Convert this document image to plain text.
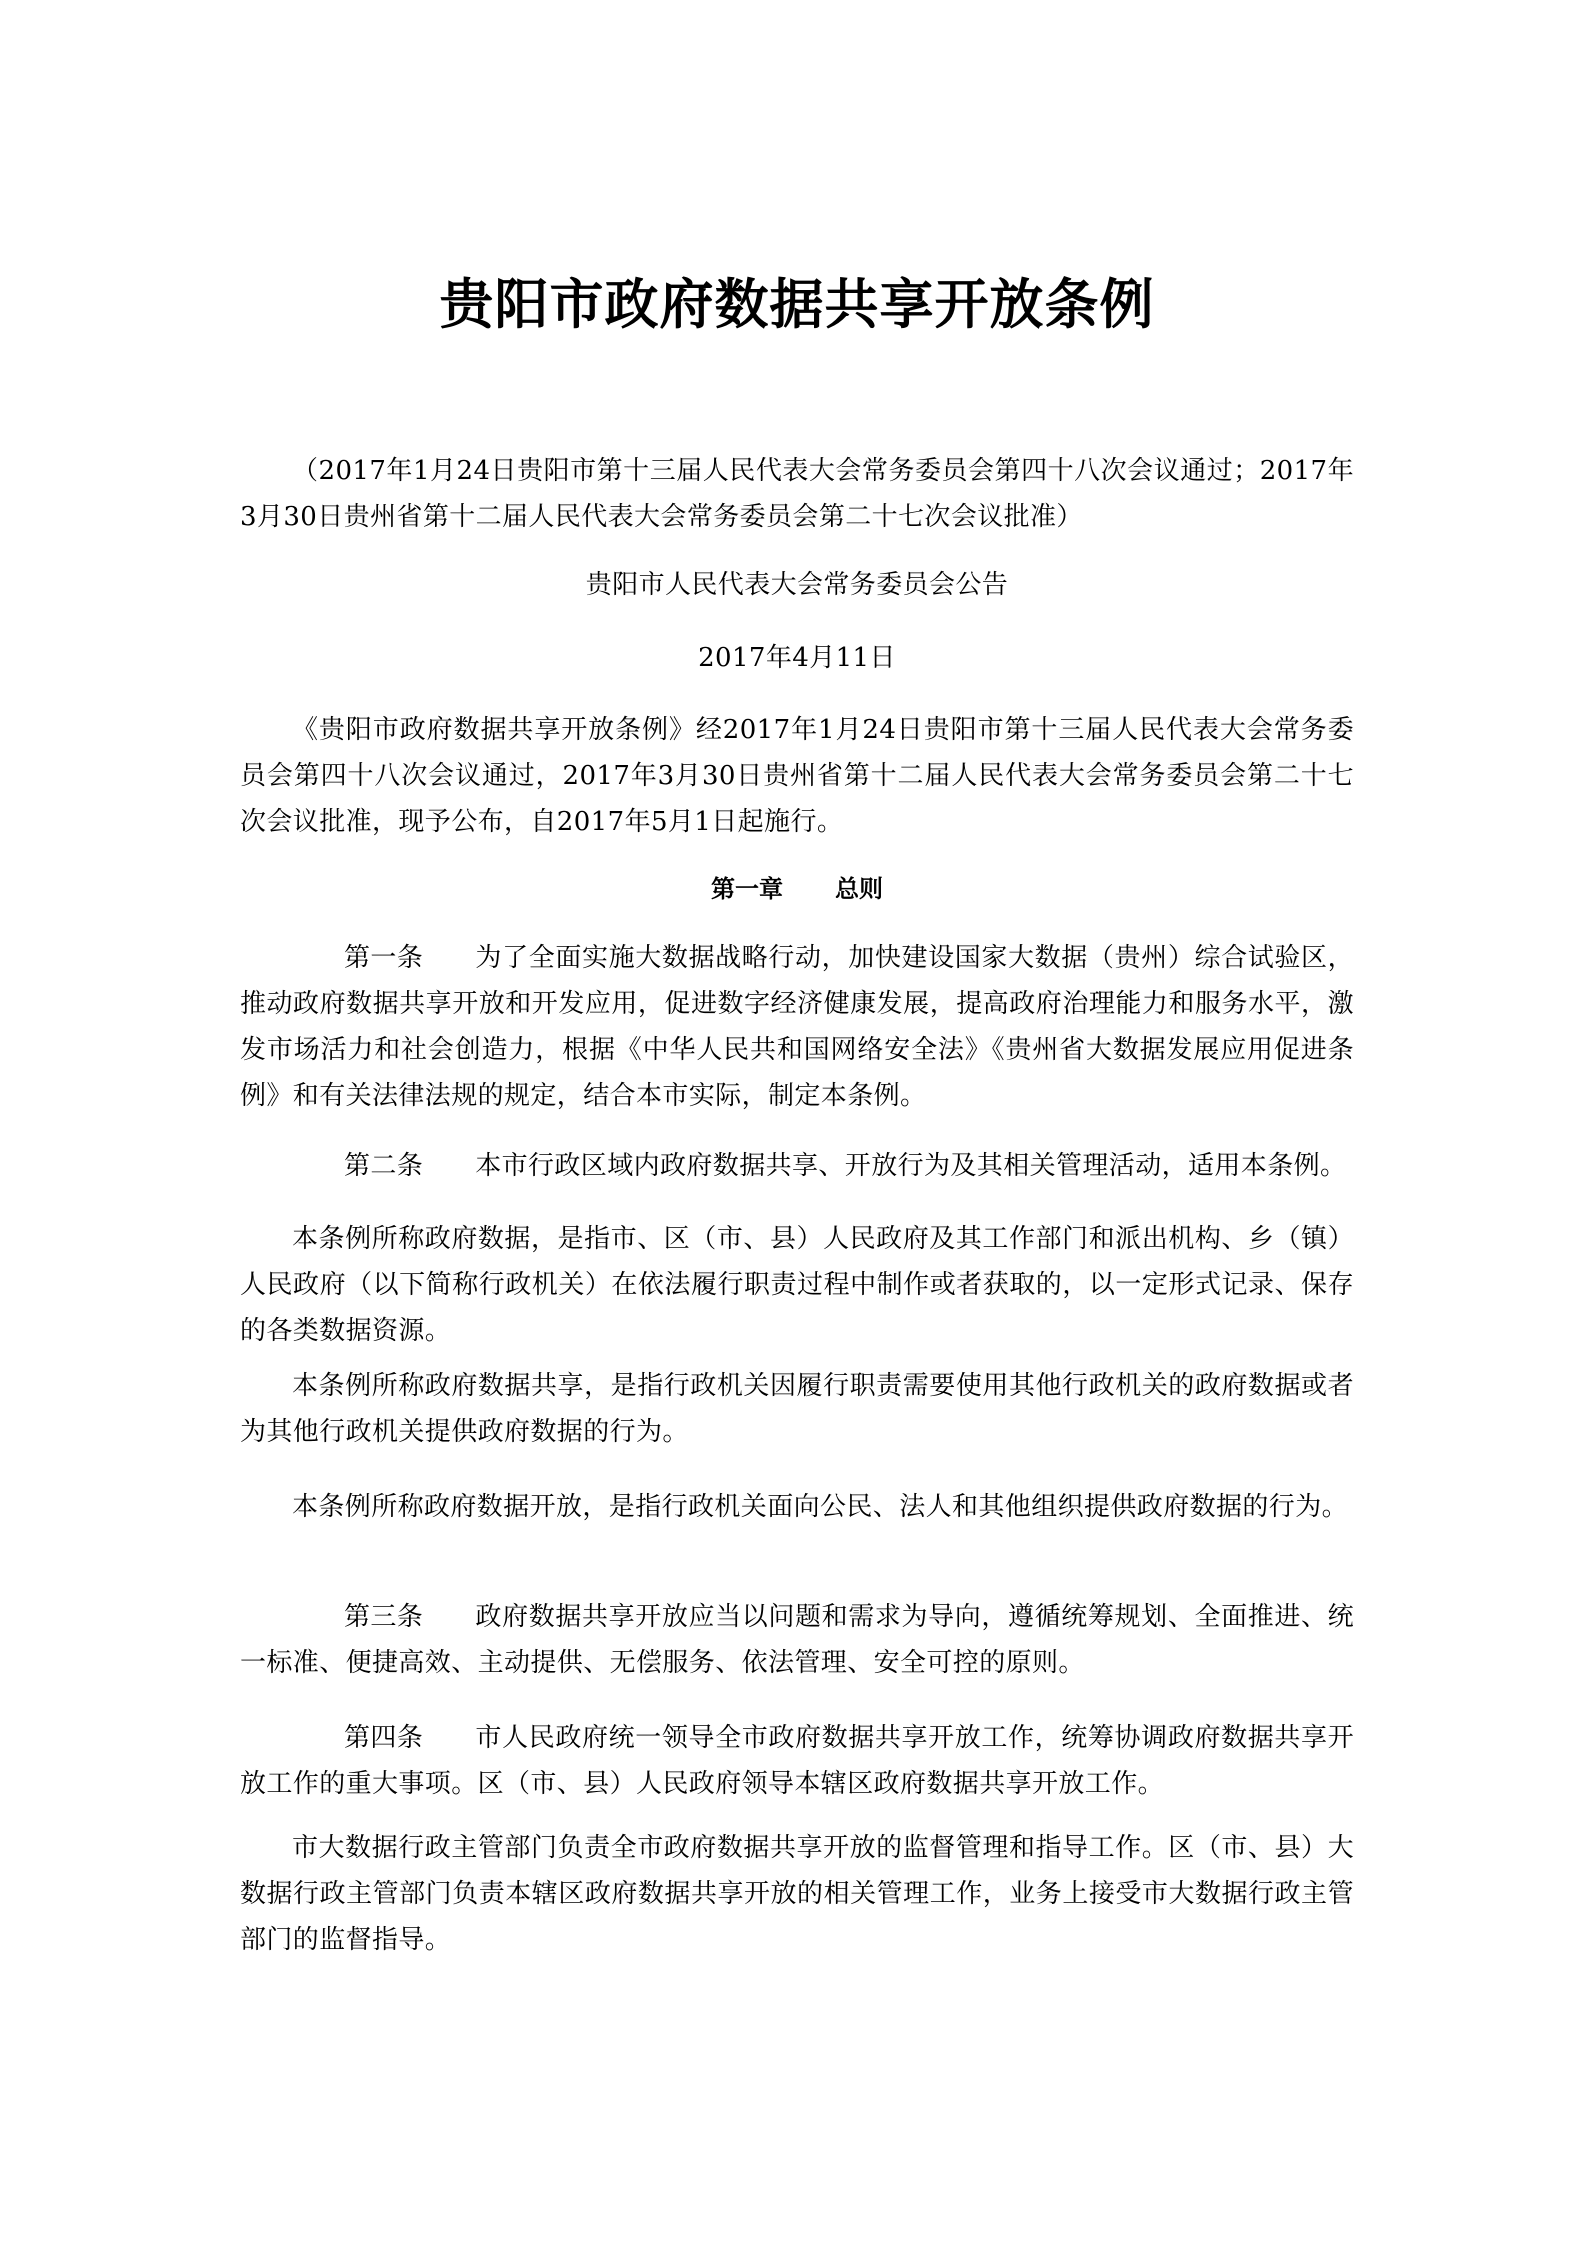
贵阳市政府数据共享开放条例

（2017年1月24日贵阳市第十三届人民代表大会常务委员会第四十八次会议通过；2017年3月30日贵州省第十二届人民代表大会常务委员会第二十七次会议批准）

贵阳市人民代表大会常务委员会公告

2017年4月11日

《贵阳市政府数据共享开放条例》经2017年1月24日贵阳市第十三届人民代表大会常务委员会第四十八次会议通过，2017年3月30日贵州省第十二届人民代表大会常务委员会第二十七次会议批准，现予公布，自2017年5月1日起施行。

第一章 总则

第一条 为了全面实施大数据战略行动，加快建设国家大数据（贵州）综合试验区，推动政府数据共享开放和开发应用，促进数字经济健康发展，提高政府治理能力和服务水平，激发市场活力和社会创造力，根据《中华人民共和国网络安全法》《贵州省大数据发展应用促进条例》和有关法律法规的规定，结合本市实际，制定本条例。

第二条 本市行政区域内政府数据共享、开放行为及其相关管理活动，适用本条例。

本条例所称政府数据，是指市、区（市、县）人民政府及其工作部门和派出机构、乡（镇）人民政府（以下简称行政机关）在依法履行职责过程中制作或者获取的，以一定形式记录、保存的各类数据资源。

本条例所称政府数据共享，是指行政机关因履行职责需要使用其他行政机关的政府数据或者为其他行政机关提供政府数据的行为。

本条例所称政府数据开放，是指行政机关面向公民、法人和其他组织提供政府数据的行为。

第三条 政府数据共享开放应当以问题和需求为导向，遵循统筹规划、全面推进、统一标准、便捷高效、主动提供、无偿服务、依法管理、安全可控的原则。

第四条 市人民政府统一领导全市政府数据共享开放工作，统筹协调政府数据共享开放工作的重大事项。区（市、县）人民政府领导本辖区政府数据共享开放工作。

市大数据行政主管部门负责全市政府数据共享开放的监督管理和指导工作。区（市、县）大数据行政主管部门负责本辖区政府数据共享开放的相关管理工作，业务上接受市大数据行政主管部门的监督指导。
